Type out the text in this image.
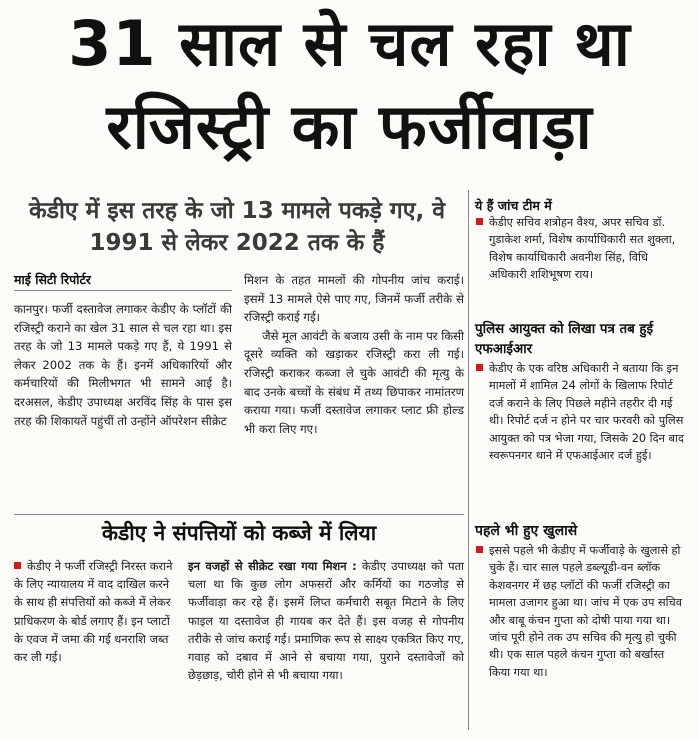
31 साल से चल रहा था
रजिस्ट्री का फर्जीवाड़ा
केडीए में इस तरह के जो 13 मामले पकड़े गए, वे 1991 से लेकर 2022 तक के हैं
माई सिटी रिपोर्टर
कानपुर। फर्जी दस्तावेज लगाकर केडीए के प्लॉटों की रजिस्ट्री कराने का खेल 31 साल से चल रहा था। इस तरह के जो 13 मामले पकड़े गए हैं, ये 1991 से लेकर 2002 तक के हैं। इनमें अधिकारियों और कर्मचारियों की मिलीभगत भी सामने आई है। दरअसल, केडीए उपाध्यक्ष अरविंद सिंह के पास इस तरह की शिकायतें पहुंचीं तो उन्होंने ऑपरेशन सीक्रेट
मिशन के तहत मामलों की गोपनीय जांच कराई। इसमें 13 मामले ऐसे पाए गए, जिनमें फर्जी तरीके से रजिस्ट्री कराई गई।
जैसे मूल आवंटी के बजाय उसी के नाम पर किसी दूसरे व्यक्ति को खड़ाकर रजिस्ट्री करा ली गई। रजिस्ट्री कराकर कब्जा ले चुके आवंटी की मृत्यु के बाद उनके बच्चों के संबंध में तथ्य छिपाकर नामांतरण कराया गया। फर्जी दस्तावेज लगाकर प्लाट फ्री होल्ड भी करा लिए गए।
केडीए ने संपत्तियों को कब्जे में लिया
केडीए ने फर्जी रजिस्ट्री निरस्त कराने के लिए न्यायालय में वाद दाखिल करने के साथ ही संपत्तियों को कब्जे में लेकर प्राधिकरण के बोर्ड लगाए हैं। इन प्लाटों के एवज में जमा की गई धनराशि जब्त कर ली गई।
इन वजहों से सीक्रेट रखा गया मिशन : केडीए उपाध्यक्ष को पता चला था कि कुछ लोग अफसरों और कर्मियों का गठजोड़ से फर्जीवाड़ा कर रहे हैं। इसमें लिप्त कर्मचारी सबूत मिटाने के लिए फाइल या दस्तावेज ही गायब कर देते हैं। इस वजह से गोपनीय तरीके से जांच कराई गई। प्रमाणिक रूप से साक्ष्य एकत्रित किए गए, गवाह को दबाव में आने से बचाया गया, पुराने दस्तावेजों को छेड़छाड़, चोरी होने से भी बचाया गया।
ये हैं जांच टीम में
केडीए सचिव शत्रोहन वैश्य, अपर सचिव डॉ. गुडाकेश शर्मा, विशेष कार्याधिकारी सत शुक्ला, विशेष कार्याधिकारी अवनीश सिंह, विधि अधिकारी शशिभूषण राय।
पुलिस आयुक्त को लिखा पत्र तब हुई एफआईआर
केडीए के एक वरिष्ठ अधिकारी ने बताया कि इन मामलों में शामिल 24 लोगों के खिलाफ रिपोर्ट दर्ज कराने के लिए पिछले महीने तहरीर दी गई थी। रिपोर्ट दर्ज न होने पर चार फरवरी को पुलिस आयुक्त को पत्र भेजा गया, जिसके 20 दिन बाद स्वरूपनगर थाने में एफआईआर दर्ज हुई।
पहले भी हुए खुलासे
इससे पहले भी केडीए में फर्जीवाड़े के खुलासे हो चुके हैं। चार साल पहले डब्ल्यूडी-वन ब्लॉक केशवनगर में छह प्लॉटों की फर्जी रजिस्ट्री का मामला उजागर हुआ था। जांच में एक उप सचिव और बाबू कंचन गुप्ता को दोषी पाया गया था। जांच पूरी होने तक उप सचिव की मृत्यु हो चुकी थी। एक साल पहले कंचन गुप्ता को बर्खास्त किया गया था।
